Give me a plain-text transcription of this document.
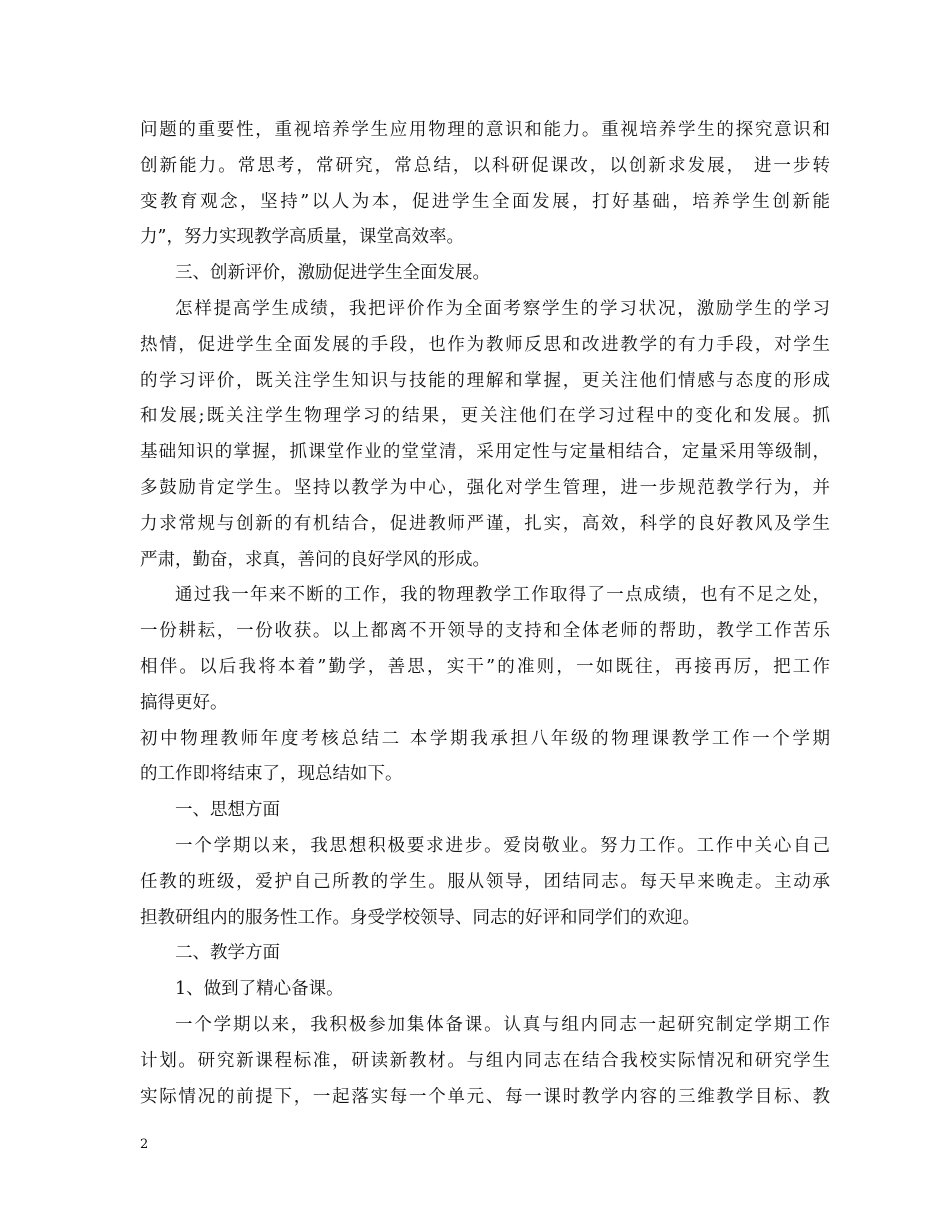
问题的重要性，重视培养学生应用物理的意识和能力。重视培养学生的探究意识和
创新能力。常思考，常研究，常总结，以科研促课改，以创新求发展， 进一步转
变教育观念，坚持”以人为本，促进学生全面发展，打好基础，培养学生创新能
力”，努力实现教学高质量，课堂高效率。
三、创新评价，激励促进学生全面发展。
怎样提高学生成绩，我把评价作为全面考察学生的学习状况，激励学生的学习
热情，促进学生全面发展的手段，也作为教师反思和改进教学的有力手段，对学生
的学习评价，既关注学生知识与技能的理解和掌握，更关注他们情感与态度的形成
和发展;既关注学生物理学习的结果，更关注他们在学习过程中的变化和发展。抓
基础知识的掌握，抓课堂作业的堂堂清，采用定性与定量相结合，定量采用等级制，
多鼓励肯定学生。坚持以教学为中心，强化对学生管理，进一步规范教学行为，并
力求常规与创新的有机结合，促进教师严谨，扎实，高效，科学的良好教风及学生
严肃，勤奋，求真，善问的良好学风的形成。
通过我一年来不断的工作，我的物理教学工作取得了一点成绩，也有不足之处，
一份耕耘，一份收获。以上都离不开领导的支持和全体老师的帮助，教学工作苦乐
相伴。以后我将本着”勤学，善思，实干”的准则，一如既往，再接再厉，把工作
搞得更好。
初中物理教师年度考核总结二 本学期我承担八年级的物理课教学工作一个学期
的工作即将结束了，现总结如下。
一、思想方面
一个学期以来，我思想积极要求进步。爱岗敬业。努力工作。工作中关心自己
任教的班级，爱护自己所教的学生。服从领导，团结同志。每天早来晚走。主动承
担教研组内的服务性工作。身受学校领导、同志的好评和同学们的欢迎。
二、教学方面
1、做到了精心备课。
一个学期以来，我积极参加集体备课。认真与组内同志一起研究制定学期工作
计划。研究新课程标准，研读新教材。与组内同志在结合我校实际情况和研究学生
实际情况的前提下，一起落实每一个单元、每一课时教学内容的三维教学目标、教
2
